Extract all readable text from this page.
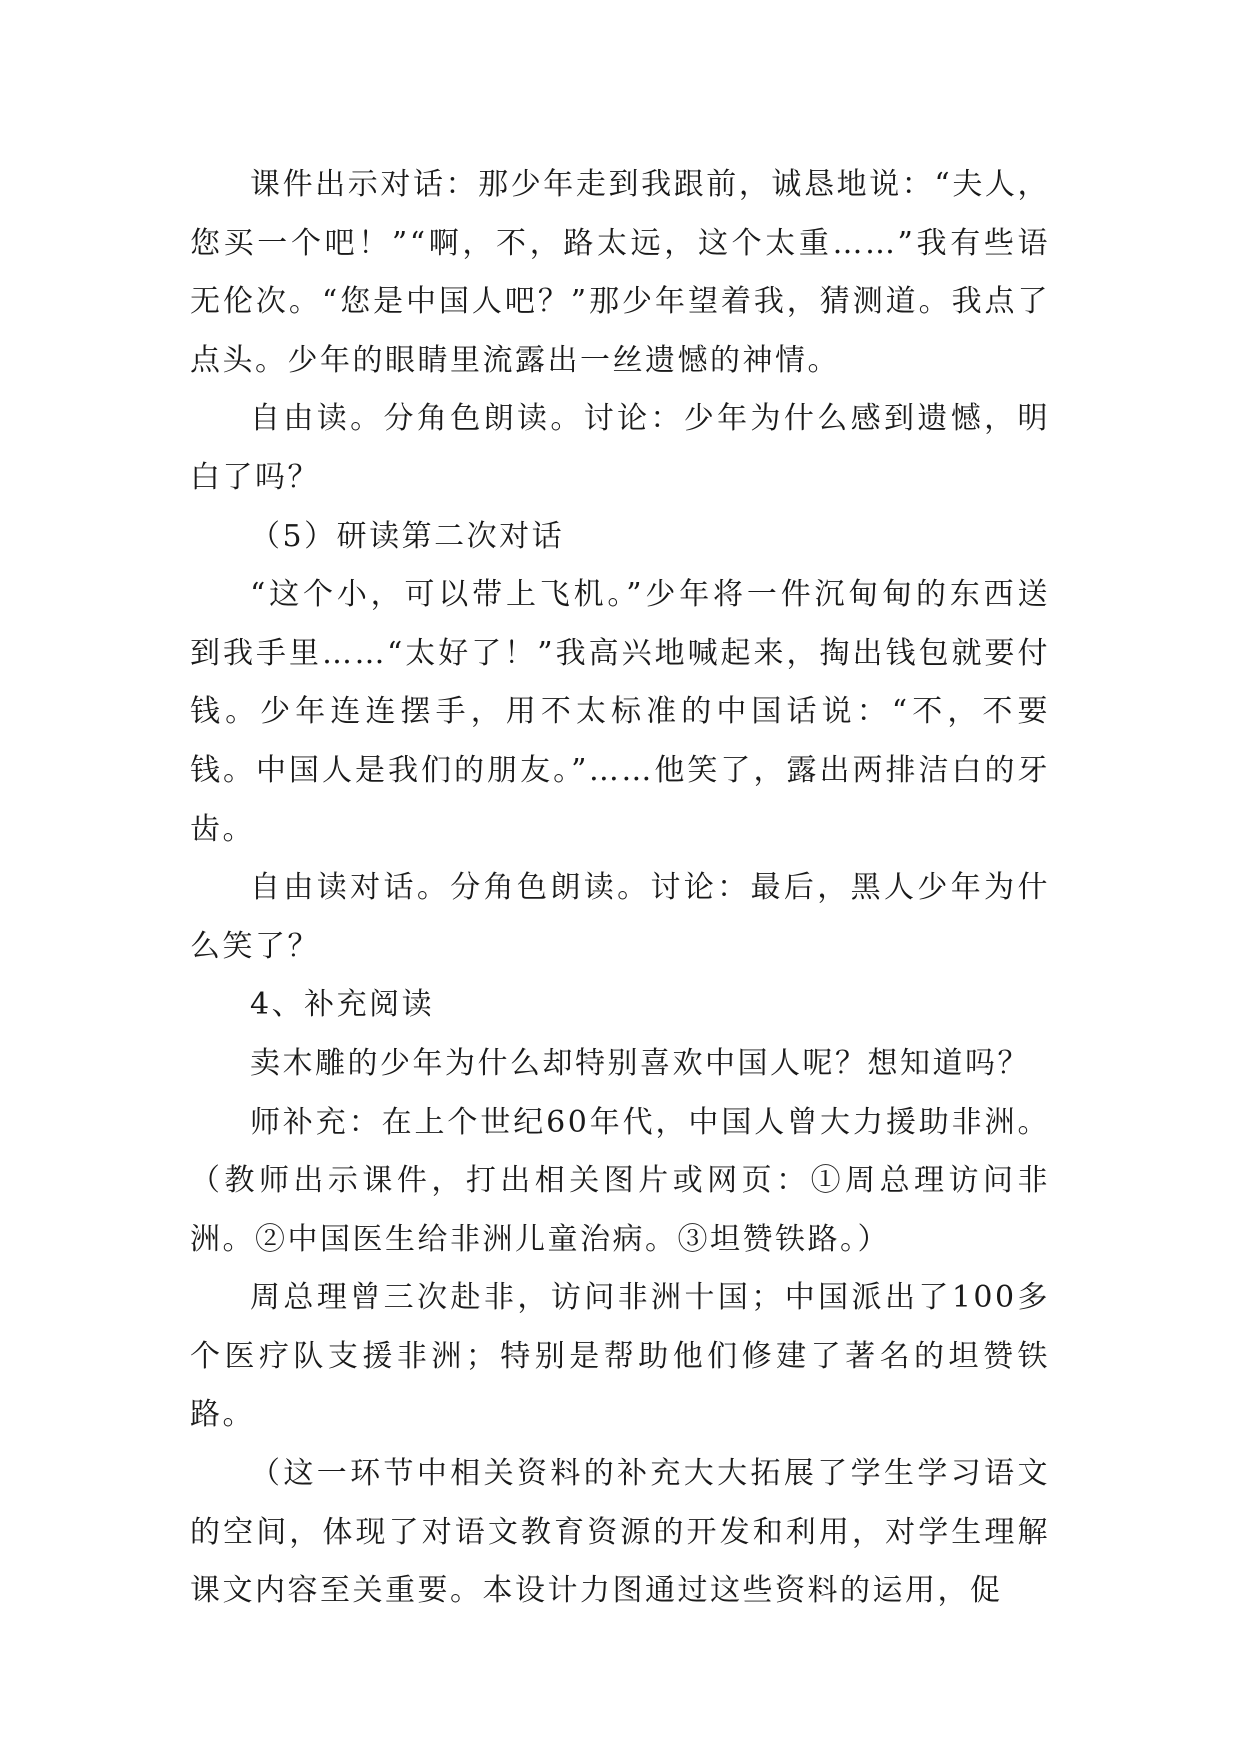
课件出示对话：那少年走到我跟前，诚恳地说：“夫人，您买一个吧！”“啊，不，路太远，这个太重……”我有些语无伦次。“您是中国人吧？”那少年望着我，猜测道。我点了点头。少年的眼睛里流露出一丝遗憾的神情。

自由读。分角色朗读。讨论：少年为什么感到遗憾，明白了吗？

（5）研读第二次对话

“这个小，可以带上飞机。”少年将一件沉甸甸的东西送到我手里……“太好了！”我高兴地喊起来，掏出钱包就要付钱。少年连连摆手，用不太标准的中国话说：“不，不要钱。中国人是我们的朋友。”……他笑了，露出两排洁白的牙齿。

自由读对话。分角色朗读。讨论：最后，黑人少年为什么笑了？

4、补充阅读

卖木雕的少年为什么却特别喜欢中国人呢？想知道吗？

师补充：在上个世纪60年代，中国人曾大力援助非洲。（教师出示课件，打出相关图片或网页：①周总理访问非洲。②中国医生给非洲儿童治病。③坦赞铁路。）

周总理曾三次赴非，访问非洲十国；中国派出了100多个医疗队支援非洲；特别是帮助他们修建了著名的坦赞铁路。

（这一环节中相关资料的补充大大拓展了学生学习语文的空间，体现了对语文教育资源的开发和利用，对学生理解课文内容至关重要。本设计力图通过这些资料的运用，促
